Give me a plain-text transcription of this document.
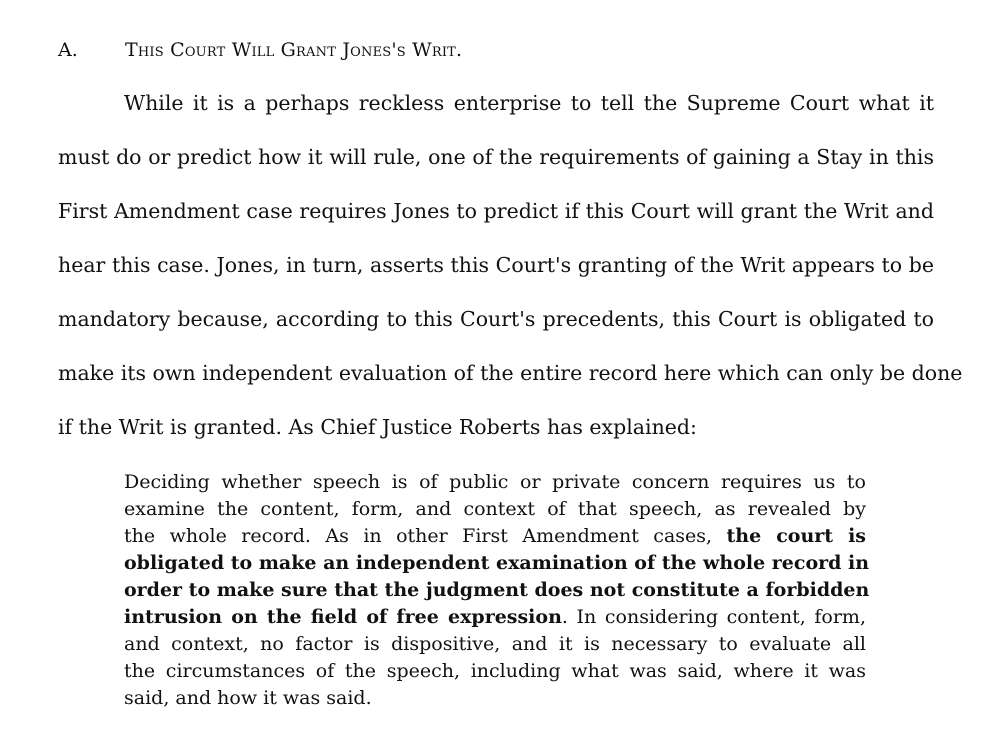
A. This Court Will Grant Jones's Writ.
While it is a perhaps reckless enterprise to tell the Supreme Court what it
must do or predict how it will rule, one of the requirements of gaining a Stay in this
First Amendment case requires Jones to predict if this Court will grant the Writ and
hear this case. Jones, in turn, asserts this Court's granting of the Writ appears to be
mandatory because, according to this Court's precedents, this Court is obligated to
make its own independent evaluation of the entire record here which can only be done
if the Writ is granted. As Chief Justice Roberts has explained:
Deciding whether speech is of public or private concern requires us to
examine the content, form, and context of that speech, as revealed by
the whole record. As in other First Amendment cases, the court is
obligated to make an independent examination of the whole record in
order to make sure that the judgment does not constitute a forbidden
intrusion on the field of free expression. In considering content, form,
and context, no factor is dispositive, and it is necessary to evaluate all
the circumstances of the speech, including what was said, where it was
said, and how it was said.
